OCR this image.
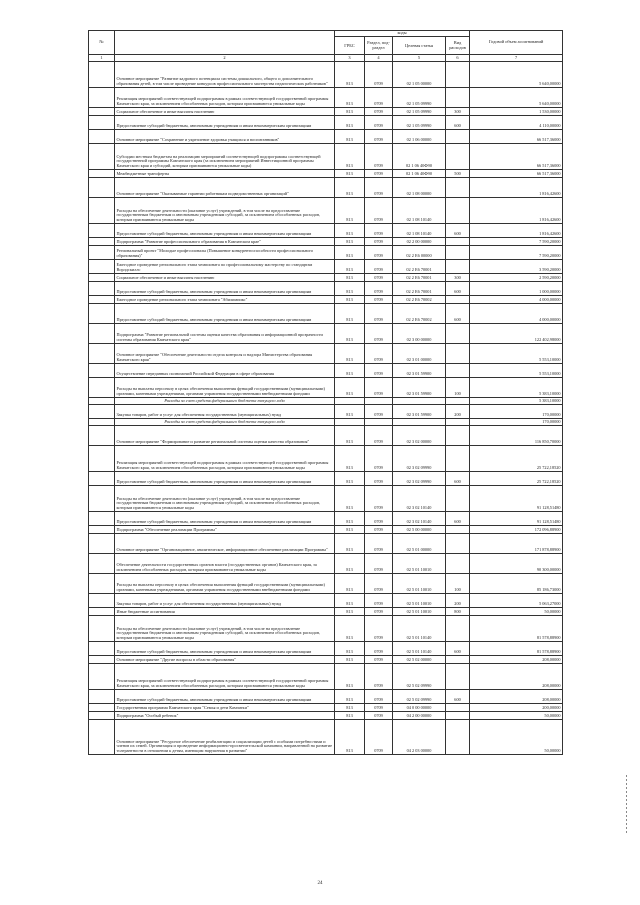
№		коды				Годовой объем ассигнований
		ГРБС	Раздел, под-раздел	Целевая статья	Вид расходов	
1	2	3	4	5	6	7
	Основное мероприятие "Развитие кадрового потенциала системы дошкольного, общего и дополнительного образования детей, в том числе проведение конкурсов профессионального мастерства педагогических работников"	813	0709	02 1 05 00000		5 640,00000
	Реализация мероприятий соответствующей подпрограммы в рамках соответствующей государственной программы Камчатского края, за исключением обособленных расходов, которым присваиваются уникальные коды	813	0709	02 1 05 09990		5 640,00000
	Социальное обеспечение и иные выплаты населению	813	0709	02 1 05 09990	300	1 530,00000
	Предоставление субсидий бюджетным, автономным учреждениям и иным некоммерческим организациям	813	0709	02 1 05 09990	600	4 110,00000
	Основное мероприятие "Сохранение и укрепление здоровья учащихся и воспитанников"	813	0709	02 1 06 00000		66 517,36000
	Субсидии местным бюджетам на реализацию мероприятий соответствующей подпрограммы соответствующей государственной программы Камчатского края (за исключением мероприятий Инвестиционной программы Камчатского края и субсидий, которым присваиваются уникальные коды)	813	0709	02 1 06 40Ф90		66 517,36000
	Межбюджетные трансферты	813	0709	02 1 06 40Ф90	500	66 517,36000
	Основное мероприятие "Оказываемые гарантии работникам подведомственных организаций"	813	0709	02 1 08 00000		1 816,42600
	Расходы на обеспечение деятельности (оказание услуг) учреждений, в том числе на предоставление государственным бюджетным и автономным учреждениям субсидий, за исключением обособленных расходов, которым присваиваются уникальные коды	813	0709	02 1 08 10140		1 816,42600
	Предоставление субсидий бюджетным, автономным учреждениям и иным некоммерческим организациям	813	0709	02 1 08 10140	600	1 816,42600
	Подпрограмма "Развитие профессионального образования в Камчатском крае"	813	0709	02 2 00 00000		7 590,20000
	Региональный проект "Молодые профессионалы (Повышение конкурентоспособности профессионального образования)"	813	0709	02 2 Е6 00000		7 590,20000
	Ежегодное проведение регионального этапа чемпионата по профессиональному мастерству по стандартам Ворлдскиллс	813	0709	02 2 Е6 70001		3 590,20000
	Социальное обеспечение и иные выплаты населению	813	0709	02 2 Е6 70001	300	2 590,20000
	Предоставление субсидий бюджетным, автономным учреждениям и иным некоммерческим организациям	813	0709	02 2 Е6 70001	600	1 000,00000
	Ежегодное проведение регионального этапа чемпионата "Абилимпикс"	813	0709	02 2 Е6 70002		4 000,00000
	Предоставление субсидий бюджетным, автономным учреждениям и иным некоммерческим организациям	813	0709	02 2 Е6 70002	600	4 000,00000
	Подпрограмма "Развитие региональной системы оценки качества образования и информационной прозрачности системы образования Камчатского края"	813	0709	02 3 00 00000		122 402,98000
	Основное мероприятие "Обеспечение деятельности отдела контроля и надзора Министерства образования Камчатского края"	813	0709	02 3 01 00000		5 553,10000
	Осуществление переданных полномочий Российской Федерации в сфере образования	813	0709	02 3 01 59900		5 553,10000
	Расходы на выплаты персоналу в целях обеспечения выполнения функций государственными (муниципальными) органами, казенными учреждениями, органами управления государственными внебюджетными фондами	813	0709	02 3 01 59900	100	5 383,10000
	Расходы за счет средств федерального бюджета текущего года					5 383,10000
	Закупка товаров, работ и услуг для обеспечения государственных (муниципальных) нужд	813	0709	02 3 01 59900	200	170,00000
	Расходы за счет средств федерального бюджета текущего года					170,00000
	Основное мероприятие "Формирование и развитие региональной системы оценки качества образования"	813	0709	02 3 02 00000		116 850,70000
	Реализация мероприятий соответствующей подпрограммы в рамках соответствующей государственной программы Камчатского края, за исключением обособленных расходов, которым присваиваются уникальные коды	813	0709	02 3 02 09990		25 722,18520
	Предоставление субсидий бюджетным, автономным учреждениям и иным некоммерческим организациям	813	0709	02 3 02 09990	600	25 722,18520
	Расходы на обеспечение деятельности (оказание услуг) учреждений, в том числе на предоставление государственным бюджетным и автономным учреждениям субсидий, за исключением обособленных расходов, которым присваиваются уникальные коды	813	0709	02 3 02 10140		91 128,51480
	Предоставление субсидий бюджетным, автономным учреждениям и иным некоммерческим организациям	813	0709	02 3 02 10140	600	91 128,51480
	Подпрограмма "Обеспечение реализации Программы"	813	0709	02 5 00 00000		172 096,88900
	Основное мероприятие "Организационное, аналитическое, информационное обеспечение реализации Программы"	813	0709	02 5 01 00000		171 878,88900
	Обеспечение деятельности государственных органов власти (государственных органов) Камчатского края, за исключением обособленных расходов, которым присваиваются уникальные коды	813	0709	02 5 01 10010		90 300,00000
	Расходы на выплаты персоналу в целях обеспечения выполнения функций государственными (муниципальными) органами, казенными учреждениями, органами управления государственными внебюджетными фондами	813	0709	02 5 01 10010	100	85 186,73000
	Закупка товаров, работ и услуг для обеспечения государственных (муниципальных) нужд	813	0709	02 5 01 10010	200	5 063,27000
	Иные бюджетные ассигнования	813	0709	02 5 01 10010	800	50,00000
	Расходы на обеспечение деятельности (оказание услуг) учреждений, в том числе на предоставление государственным бюджетным и автономным учреждениям субсидий, за исключением обособленных расходов, которым присваиваются уникальные коды	813	0709	02 5 01 10140		81 578,88900
	Предоставление субсидий бюджетным, автономным учреждениям и иным некоммерческим организациям	813	0709	02 5 01 10140	600	81 578,88900
	Основное мероприятие "Другие вопросы в области образования"	813	0709	02 5 02 00000		208,00000
	Реализация мероприятий соответствующей подпрограммы в рамках соответствующей государственной программы Камчатского края, за исключением обособленных расходов, которым присваиваются уникальные коды	813	0709	02 5 02 09990		208,00000
	Предоставление субсидий бюджетным, автономным учреждениям и иным некоммерческим организациям	813	0709	02 5 02 09990	600	208,00000
	Государственная программа Камчатского края "Семья и дети Камчатки"	813	0709	04 0 00 00000		200,00000
	Подпрограмма "Особый ребенок"	813	0709	04 2 00 00000		50,00000
	Основное мероприятие "Ресурсное обеспечение реабилитации и социализации детей с особыми потребностями и членов их семей. Организация и проведение информационно-просветительской кампании, направленной на развитие толерантности в отношении к детям, имеющим нарушения в развитии"	813	0709	04 2 03 00000		50,00000
24
